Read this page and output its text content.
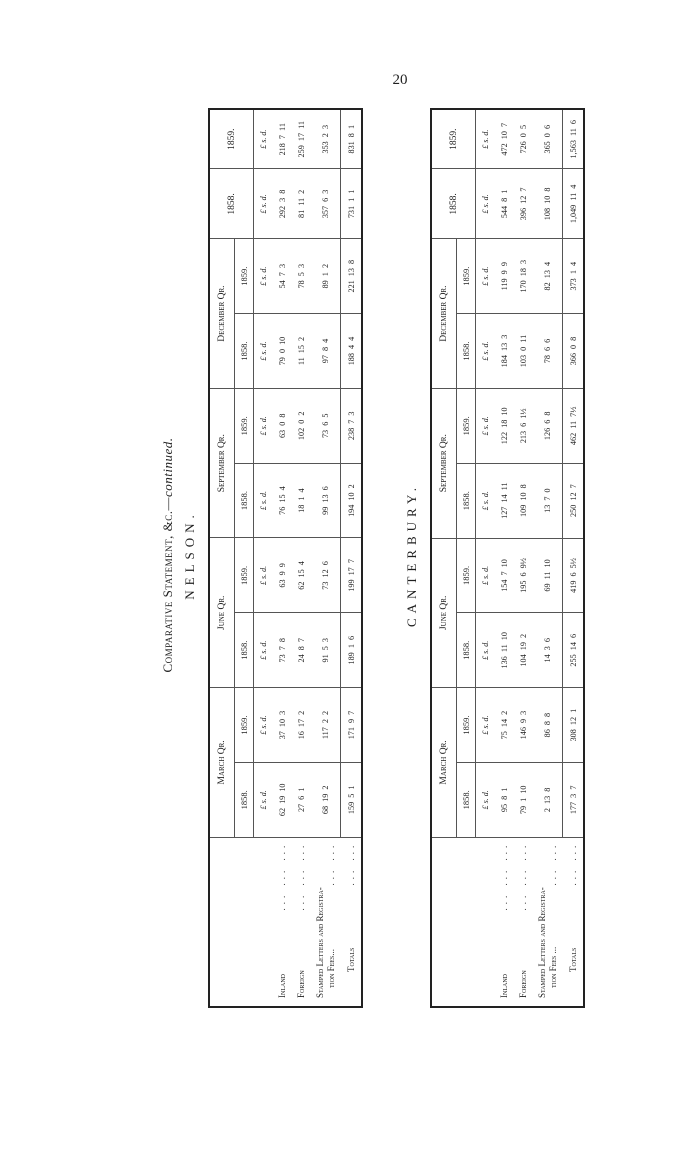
20
Comparative Statement, &c.—continued.
NELSON.
	March Qr.		June Qr.		September Qr.		December Qr.		1858.	1859.
	1858.	1859.	1858.	1859.	1858.	1859.	1858.	1859.		
	£ s. d.	£ s. d.	£ s. d.	£ s. d.	£ s. d.	£ s. d.	£ s. d.	£ s. d.	£ s. d.	£ s. d.
Inland
... ... ...	62 19 10	37 10 3	73 7 8	63 9 9	76 15 4	63 0 8	79 0 10	54 7 3	292 3 8	218 7 11
Foreign
... ... ...	27 6 1	16 17 2	24 8 7	62 15 4	18 1 4	102 0 2	11 15 2	78 5 3	81 11 2	259 17 11
Stamped Letters and Registra-
tion Fees...
... ...	68 19 2	117 2 2	91 5 3	73 12 6	99 13 6	73 6 5	97 8 4	89 1 2	357 6 3	353 2 3
Totals
... ...	159 5 1	171 9 7	189 1 6	199 17 7	194 10 2	238 7 3	188 4 4	221 13 8	731 1 1	831 8 1
CANTERBURY.
	March Qr.		June Qr.		September Qr.		December Qr.		1858.	1859.
	1858.	1859.	1858.	1859.	1858.	1859.	1858.	1859.		
	£ s. d.	£ s. d.	£ s. d.	£ s. d.	£ s. d.	£ s. d.	£ s. d.	£ s. d.	£ s. d.	£ s. d.
Inland
... ... ...	95 8 1	75 14 2	136 11 10	154 7 10	127 14 11	122 18 10	184 13 3	119 9 9	544 8 1	472 10 7
Foreign
... ... ...	79 1 10	146 9 3	104 19 2	195 6 9½	109 10 8	213 6 1½	103 0 11	170 18 3	396 12 7	726 0 5
Stamped Letters and Registra-
tion Fees ...
... ...	2 13 8	86 8 8	14 3 6	69 11 10	13 7 0	126 6 8	78 6 6	82 13 4	108 10 8	365 0 6
Totals
... ...	177 3 7	308 12 1	255 14 6	419 6 5½	250 12 7	462 11 7½	366 0 8	373 1 4	1,049 11 4	1,563 11 6
